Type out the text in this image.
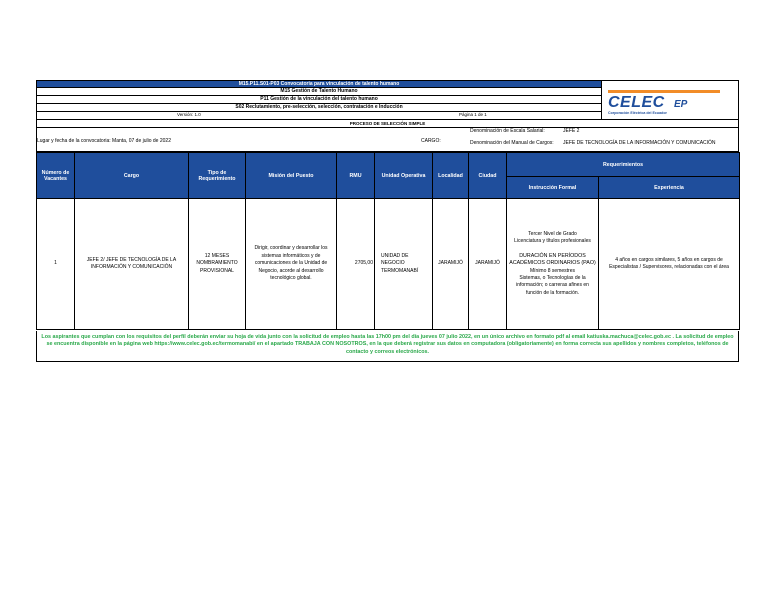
M15.P11.S01-P03 Convocatoria para vinculación de talento humano
M15 Gestión de Talento Humano
P11 Gestión de la vinculación del talento humano
S02 Reclutamiento, pre-selección, selección, contratación e Inducción
Versión: 1.0	Página 1 de 1
CELEC EP
Corporación Eléctrica del Ecuador
PROCESO DE SELECCIÓN SIMPLE
Lugar y fecha de la convocatoria: Manta, 07 de julio de 2022	CARGO:
Denominación de Escala Salarial:	JEFE 2
Denominación del Manual de Cargos: JEFE DE TECNOLOGÍA DE LA INFORMACIÓN Y COMUNICACIÓN
Número de Vacantes	Cargo	Tipo de Requerimiento	Misión del Puesto	RMU	Unidad Operativa	Localidad	Ciudad	Requerimientos	
								Instrucción Formal	Experiencia
1	JEFE 2/ JEFE DE TECNOLOGÍA DE LA INFORMACIÓN Y COMUNICACIÓN	12 MESES NOMBRAMIENTO PROVISIONAL	Dirigir, coordinar y desarrollar los sistemas informáticos y de comunicaciones de la Unidad de Negocio, acorde al desarrollo tecnológico global.	2705,00	UNIDAD DE NEGOCIO TERMOMANABÍ	JARAMIJÓ	JARAMIJÓ	Tercer Nivel de Grado
Licenciatura y títulos profesionales
DURACIÓN EN PERÍODOS ACADÉMICOS ORDINARIOS (PAO)
Mínimo 8 semestres
Sistemas, o Tecnologías de la información; o carreras afines en función de la formación.	4 años en cargos similares, 5 años en cargos de Especialistas / Supervisores, relacionadas con el área
Los aspirantes que cumplan con los requisitos del perfil deberán enviar su hoja de vida junto con la solicitud de empleo hasta las 17h00 pm del día jueves 07 julio 2022, en un único archivo en formato pdf al email katiuska.machuca@celec.gob.ec . La solicitud de empleo se encuentra disponible en la página web https://www.celec.gob.ec/termomanabi/ en el apartado TRABAJA CON NOSOTROS, en la que deberá registrar sus datos en computadora (obligatoriamente) en forma correcta sus apellidos y nombres completos, teléfonos de contacto y correos electrónicos.
